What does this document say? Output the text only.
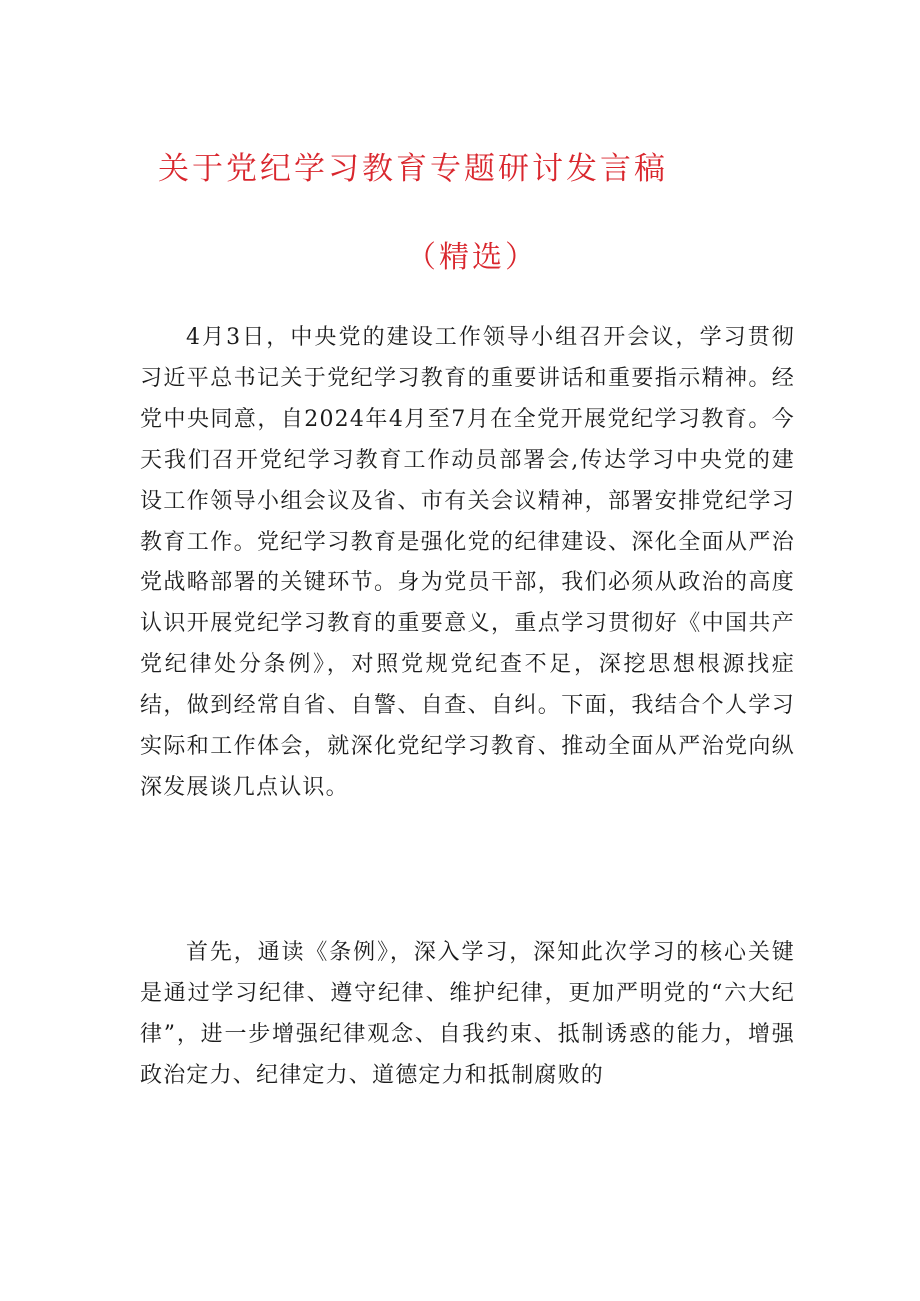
关于党纪学习教育专题研讨发言稿
（精选）

4月3日，中央党的建设工作领导小组召开会议，学习贯彻习近平总书记关于党纪学习教育的重要讲话和重要指示精神。经党中央同意，自2024年4月至7月在全党开展党纪学习教育。今天我们召开党纪学习教育工作动员部署会,传达学习中央党的建设工作领导小组会议及省、市有关会议精神，部署安排党纪学习教育工作。党纪学习教育是强化党的纪律建设、深化全面从严治党战略部署的关键环节。身为党员干部，我们必须从政治的高度认识开展党纪学习教育的重要意义，重点学习贯彻好《中国共产党纪律处分条例》，对照党规党纪查不足，深挖思想根源找症结，做到经常自省、自警、自查、自纠。下面，我结合个人学习实际和工作体会，就深化党纪学习教育、推动全面从严治党向纵深发展谈几点认识。

首先，通读《条例》，深入学习，深知此次学习的核心关键是通过学习纪律、遵守纪律、维护纪律，更加严明党的“六大纪律”，进一步增强纪律观念、自我约束、抵制诱惑的能力，增强政治定力、纪律定力、道德定力和抵制腐败的
